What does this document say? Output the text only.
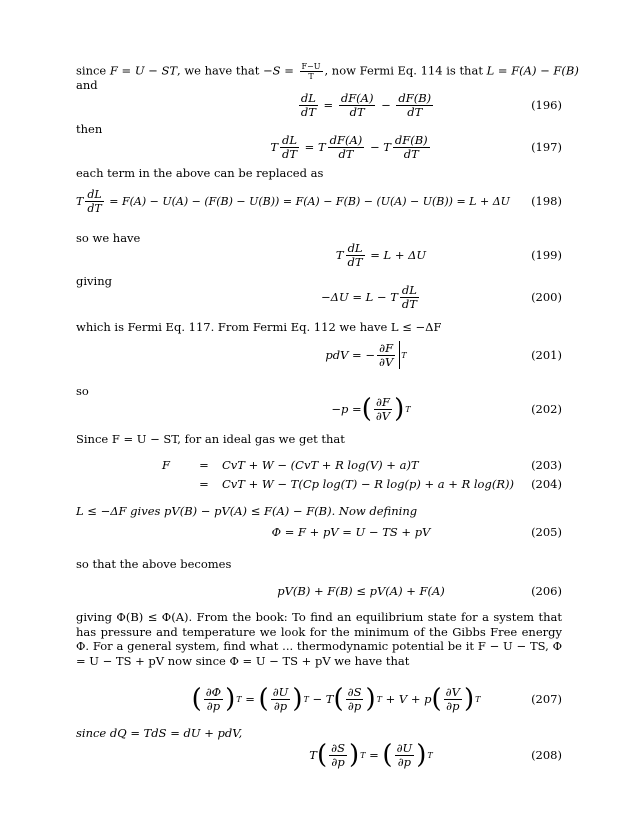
since F = U − ST, we have that $-S = \frac{F-U}{T}$ , now Fermi Eq. 114 is that L = F(A) − F(B)
and
$\frac{dL}{dT} = \frac{dF(A)}{dT}$
−
$\frac{dF(B)}{dT}$	(196)
then
T $\frac{dL}{dT} = T \frac{dF(A)}{dT}$
− T $\frac{dF(B)}{dT}$	(197)
each term in the above can be replaced as
T $\frac{dL}{dT}$
= F(A) − U(A) − (F(B) − U(B)) = F(A) − F(B) − (U(A) − U(B)) = L + ΔU (198)
so we have
T $\frac{dL}{dT}$
= L + ΔU	(199)
giving
−ΔU = L − T $\frac{dL}{dT}$	(200)
which is Fermi Eq. 117. From Fermi Eq. 112 we have L ≤ −ΔF
pdV = − $\frac{\partial F}{\partial V}$ T	(201)
so
−p = ( $\frac{\partial F}{\partial V}$ ) T	(202)
Since F = U − ST, for an ideal gas we get that
F	= CvT + W − (CvT + R log(V) + a)T	(203)
= CvT + W − T(Cp log(T) − R log(p) + a + R log(R)) (204)
L ≤ −ΔF gives pV(B) − pV(A) ≤ F(A) − F(B). Now defining
Φ = F + pV = U − TS + pV	(205)
so that the above becomes
pV(B) + F(B) ≤ pV(A) + F(A)	(206)
giving Φ(B) ≤ Φ(A). From the book: To find an equilibrium state for a system that has pressure and temperature we look for the minimum of the Gibbs Free energy Φ. For a general system, find what ... thermodynamic potential be it F − U − TS, Φ = U − TS + pV now since Φ = U − TS + pV we have that
( $\frac{\partial\Phi}{\partial p}$ ) T
=
( $\frac{\partial U}{\partial p}$ ) T
− T ( $\frac{\partial S}{\partial p}$ ) T
+ V + p ( $\frac{\partial V}{\partial p}$ ) T	(207)
since dQ = TdS = dU + pdV,
T ( $\frac{\partial S}{\partial p}$ ) T
=
( $\frac{\partial U}{\partial p}$ ) T	(208)
